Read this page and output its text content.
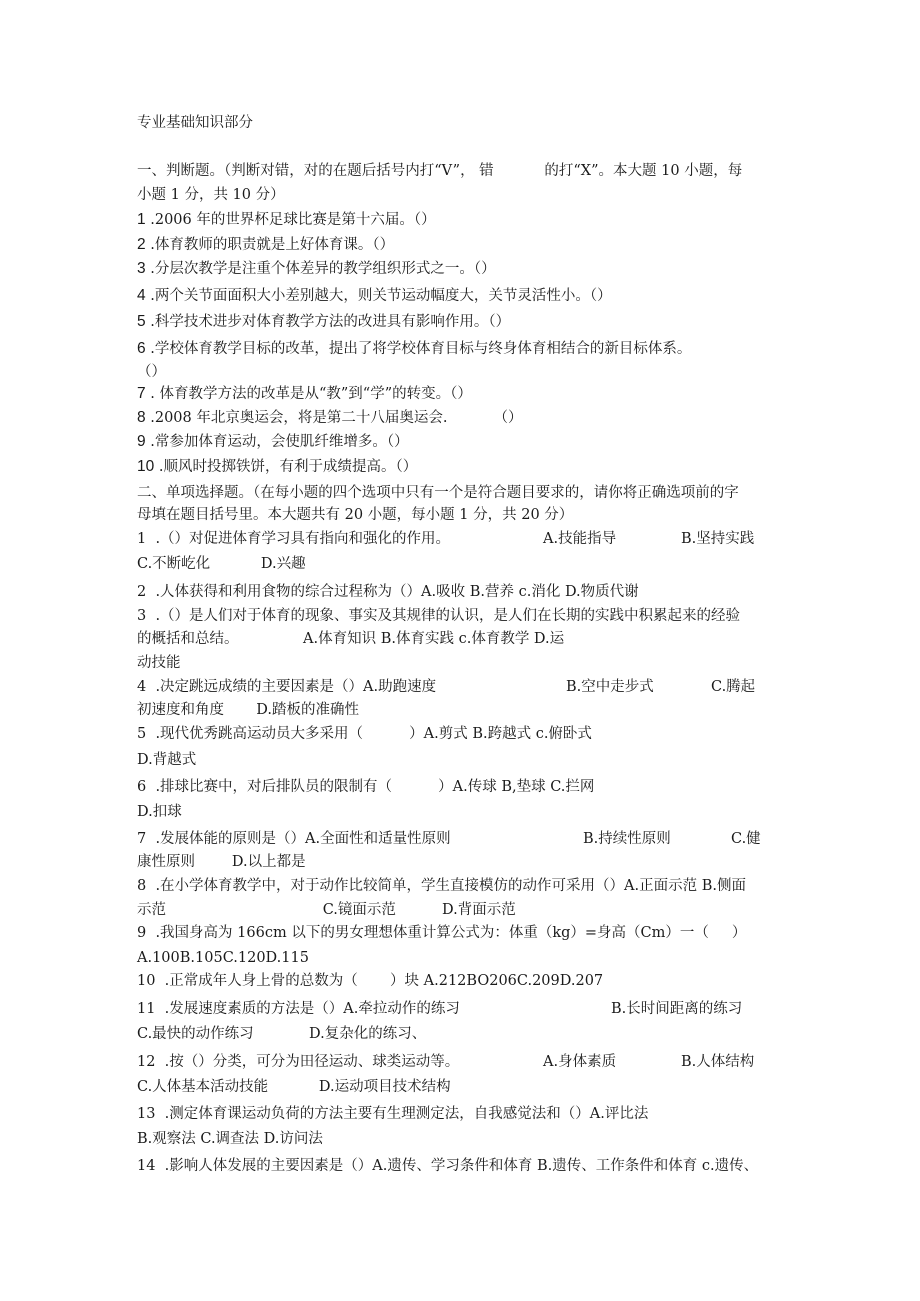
专业基础知识部分
一、判断题。（判断对错，对的在题后括号内打“V”， 错           的打“X”。本大题 10 小题，每
小题 1 分，共 10 分）
1 .2006 年的世界杯足球比赛是第十六届。（）
2 .体育教师的职责就是上好体育课。（）
3 .分层次教学是注重个体差异的教学组织形式之一。（）
4 .两个关节面面积大小差别越大，则关节运动幅度大，关节灵活性小。（）
5 .科学技术进步对体育教学方法的改进具有影响作用。（）
6 .学校体育教学目标的改革，提出了将学校体育目标与终身体育相结合的新目标体系。
（）
7 . 体育教学方法的改革是从“教”到“学”的转变。（）
8 .2008 年北京奥运会，将是第二十八届奥运会.          （）
9 .常参加体育运动，会使肌纤维增多。（）
10 .顺风时投掷铁饼，有利于成绩提高。（）
二、单项选择题。（在每小题的四个选项中只有一个是符合题目要求的，请你将正确选项前的字
母填在题目括号里。本大题共有 20 小题，每小题 1 分，共 20 分）
1  .（）对促进体育学习具有指向和强化的作用。	A.技能指导	B.坚持实践
C.不断屹化           D.兴趣
2  .人体获得和利用食物的综合过程称为（）A.吸收 B.营养 c.消化 D.物质代谢
3  .（）是人们对于体育的现象、事实及其规律的认识，是人们在长期的实践中积累起来的经验
的概括和总结。              A.体育知识 B.体育实践 c.体育教学 D.运
动技能
4  .决定跳远成绩的主要因素是（）A.助跑速度	B.空中走步式	C.腾起
初速度和角度       D.踏板的准确性
5  .现代优秀跳高运动员大多采用（          ）A.剪式 B.跨越式 c.俯卧式
D.背越式
6  .排球比赛中，对后排队员的限制有（          ）A.传球 B,垫球 C.拦网
D.扣球
7  .发展体能的原则是（）A.全面性和适量性原则	B.持续性原则	C.健
康性原则        D.以上都是
8  .在小学体育教学中，对于动作比较简单，学生直接模仿的动作可采用（）A.正面示范 B.侧面
示范                                  C.镜面示范          D.背面示范
9  .我国身高为 166cm 以下的男女理想体重计算公式为：体重（kg）=身高（Cm）一（     ）
A.100B.105C.120D.115
10  .正常成年人身上骨的总数为（       ）块 A.212BO206C.209D.207
11  .发展速度素质的方法是（）A.牵拉动作的练习	B.长时间距离的练习
C.最快的动作练习            D.复杂化的练习、
12  .按（）分类，可分为田径运动、球类运动等。	A.身体素质	B.人体结构
C.人体基本活动技能           D.运动项目技术结构
13  .测定体育课运动负荷的方法主要有生理测定法，自我感觉法和（）A.评比法
B.观察法 C.调查法 D.访问法
14  .影响人体发展的主要因素是（）A.遗传、学习条件和体育 B.遗传、工作条件和体育 c.遗传、
